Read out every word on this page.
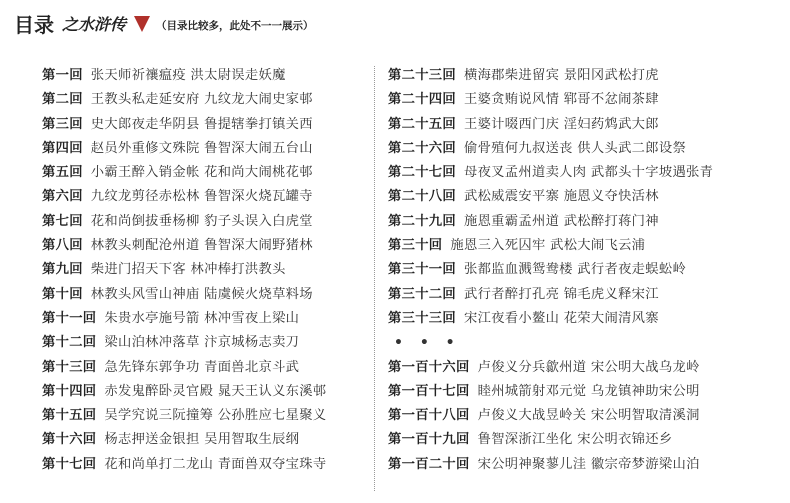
目录 之水浒传	（目录比较多，此处不一一展示）
第一回 张天师祈禳瘟疫 洪太尉误走妖魔
第二回 王教头私走延安府 九纹龙大闹史家邨
第三回 史大郎夜走华阴县 鲁提辖拳打镇关西
第四回 赵员外重修文殊院 鲁智深大闹五台山
第五回 小霸王醉入销金帐 花和尚大闹桃花邨
第六回 九纹龙剪径赤松林 鲁智深火烧瓦罐寺
第七回 花和尚倒拔垂杨柳 豹子头误入白虎堂
第八回 林教头刺配沧州道 鲁智深大闹野猪林
第九回 柴进门招天下客 林冲棒打洪教头
第十回 林教头风雪山神庙 陆虞候火烧草料场
第十一回 朱贵水亭施号箭 林冲雪夜上梁山
第十二回 梁山泊林冲落草 汴京城杨志卖刀
第十三回 急先锋东郭争功 青面兽北京斗武
第十四回 赤发鬼醉卧灵官殿 晁天王认义东溪邨
第十五回 吴学究说三阮撞筹 公孙胜应七星聚义
第十六回 杨志押送金银担 吴用智取生辰纲
第十七回 花和尚单打二龙山 青面兽双夺宝珠寺
第二十三回 横海郡柴进留宾 景阳冈武松打虎
第二十四回 王婆贪贿说风情 郓哥不忿闹茶肆
第二十五回 王婆计啜西门庆 淫妇药鸩武大郎
第二十六回 偷骨殖何九叔送丧 供人头武二郎设祭
第二十七回 母夜叉孟州道卖人肉 武都头十字坡遇张青
第二十八回 武松威震安平寨 施恩义夺快活林
第二十九回 施恩重霸孟州道 武松醉打蒋门神
第三十回 施恩三入死囚牢 武松大闹飞云浦
第三十一回 张都监血溅鸳鸯楼 武行者夜走蜈蚣岭
第三十二回 武行者醉打孔亮 锦毛虎义释宋江
第三十三回 宋江夜看小鳌山 花荣大闹清风寨
• • •
第一百十六回 卢俊义分兵歙州道 宋公明大战乌龙岭
第一百十七回 睦州城箭射邓元觉 乌龙镇神助宋公明
第一百十八回 卢俊义大战昱岭关 宋公明智取清溪洞
第一百十九回 鲁智深浙江坐化 宋公明衣锦还乡
第一百二十回 宋公明神聚蓼儿洼 徽宗帝梦游梁山泊
